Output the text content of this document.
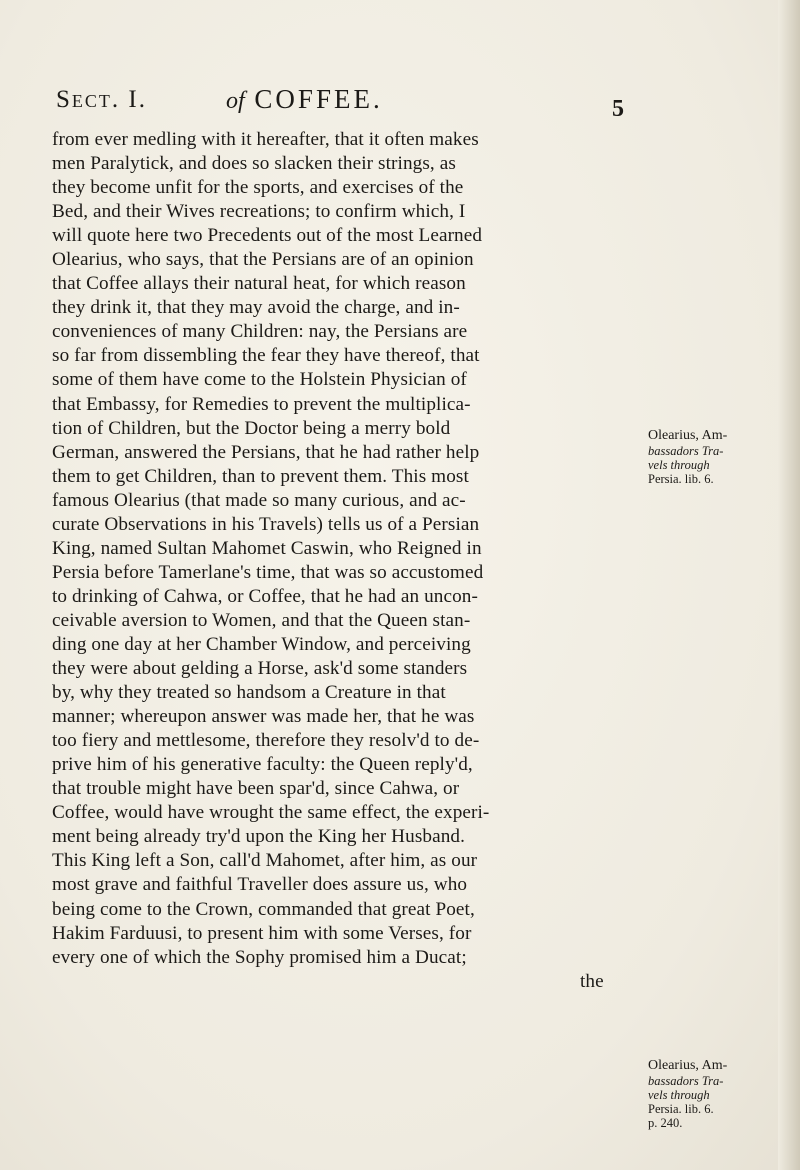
Sect. I.	of COFFEE.	5
from ever medling with it hereafter, that it often makes
men Paralytick, and does so slacken their strings, as
they become unfit for the sports, and exercises of the
Bed, and their Wives recreations; to confirm which, I
will quote here two Precedents out of the most Learned
Olearius, who says, that the Persians are of an opinion
that Coffee allays their natural heat, for which reason
they drink it, that they may avoid the charge, and in-
conveniences of many Children: nay, the Persians are
so far from dissembling the fear they have thereof, that
some of them have come to the Holstein Physician of
that Embassy, for Remedies to prevent the multiplica-
tion of Children, but the Doctor being a merry bold
German, answered the Persians, that he had rather help
them to get Children, than to prevent them. This most
famous Olearius (that made so many curious, and ac-
curate Observations in his Travels) tells us of a Persian
King, named Sultan Mahomet Caswin, who Reigned in
Persia before Tamerlane's time, that was so accustomed
to drinking of Cahwa, or Coffee, that he had an uncon-
ceivable aversion to Women, and that the Queen stan-
ding one day at her Chamber Window, and perceiving
they were about gelding a Horse, ask'd some standers
by, why they treated so handsom a Creature in that
manner; whereupon answer was made her, that he was
too fiery and mettlesome, therefore they resolv'd to de-
prive him of his generative faculty: the Queen reply'd,
that trouble might have been spar'd, since Cahwa, or
Coffee, would have wrought the same effect, the experi-
ment being already try'd upon the King her Husband.
This King left a Son, call'd Mahomet, after him, as our
most grave and faithful Traveller does assure us, who
being come to the Crown, commanded that great Poet,
Hakim Farduusi, to present him with some Verses, for
every one of which the Sophy promised him a Ducat;
the
Olearius, Am-
bassadors Tra-
vels through
Persia. lib. 6.
Olearius, Am-
bassadors Tra-
vels through
Persia. lib. 6.
p. 240.
